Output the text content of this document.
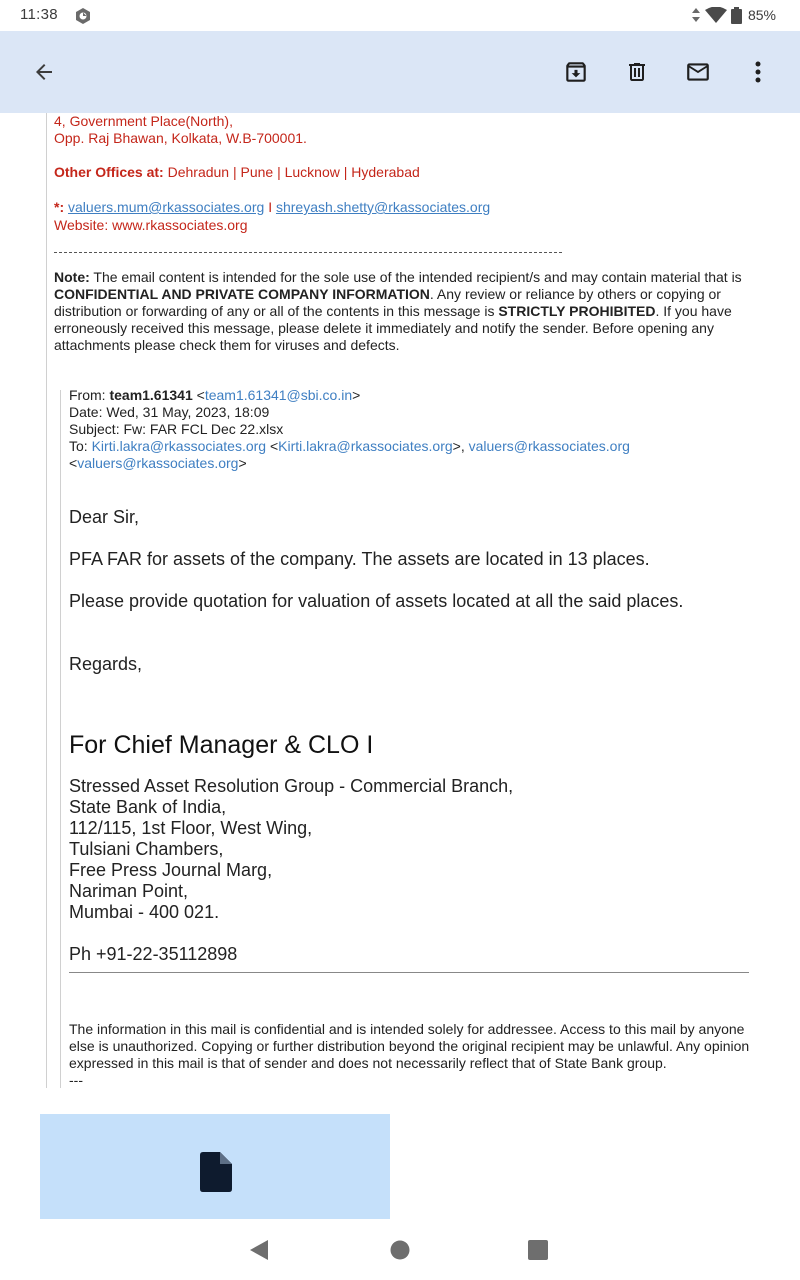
11:38	85%
4, Government Place(North),
Opp. Raj Bhawan, Kolkata, W.B-700001.
Other Offices at: Dehradun | Pune | Lucknow | Hyderabad
*: valuers.mum@rkassociates.org I shreyash.shetty@rkassociates.org
Website: www.rkassociates.org
Note: The email content is intended for the sole use of the intended recipient/s and may contain material that is CONFIDENTIAL AND PRIVATE COMPANY INFORMATION. Any review or reliance by others or copying or distribution or forwarding of any or all of the contents in this message is STRICTLY PROHIBITED. If you have erroneously received this message, please delete it immediately and notify the sender. Before opening any attachments please check them for viruses and defects.
From: team1.61341 <team1.61341@sbi.co.in>
Date: Wed, 31 May, 2023, 18:09
Subject: Fw: FAR FCL Dec 22.xlsx
To: Kirti.lakra@rkassociates.org <Kirti.lakra@rkassociates.org>, valuers@rkassociates.org
<valuers@rkassociates.org>
Dear Sir,
PFA FAR for assets of the company. The assets are located in 13 places.
Please provide quotation for valuation of assets located at all the said places.
Regards,
For Chief Manager & CLO I
Stressed Asset Resolution Group - Commercial Branch,
State Bank of India,
112/115, 1st Floor, West Wing,
Tulsiani Chambers,
Free Press Journal Marg,
Nariman Point,
Mumbai - 400 021.
Ph +91-22-35112898
The information in this mail is confidential and is intended solely for addressee. Access to this mail by anyone else is unauthorized. Copying or further distribution beyond the original recipient may be unlawful. Any opinion expressed in this mail is that of sender and does not necessarily reflect that of State Bank group.
---
